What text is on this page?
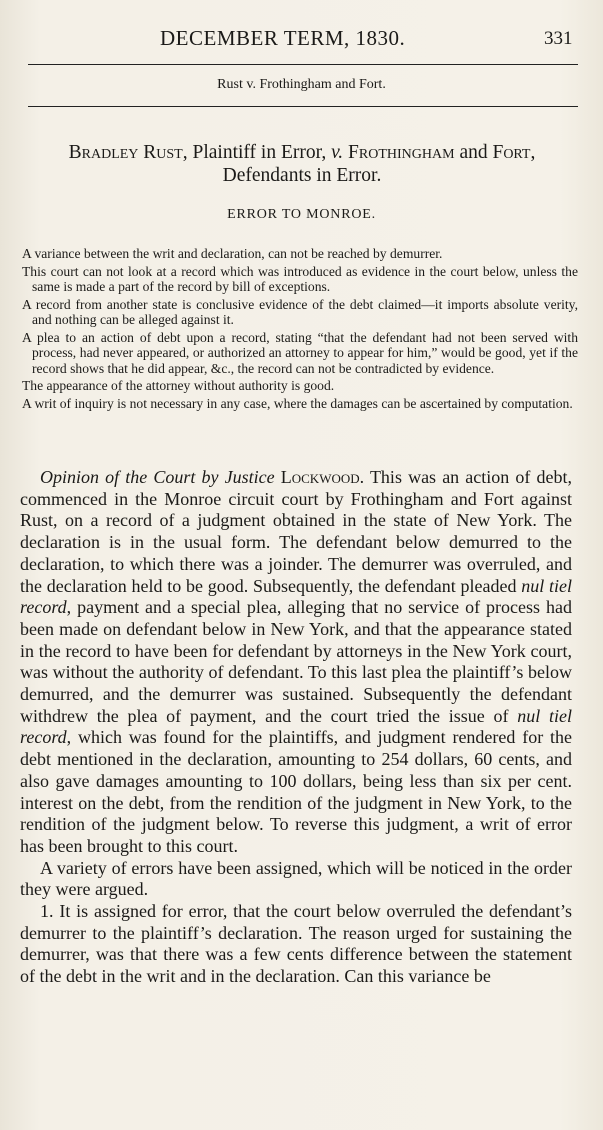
DECEMBER TERM, 1830.	331
Rust v. Frothingham and Fort.
Bradley Rust, Plaintiff in Error, v. Frothingham and Fort, Defendants in Error.
ERROR TO MONROE.

A variance between the writ and declaration, can not be reached by demurrer.

This court can not look at a record which was introduced as evidence in the court below, unless the same is made a part of the record by bill of exceptions.

A record from another state is conclusive evidence of the debt claimed—it imports absolute verity, and nothing can be alleged against it.

A plea to an action of debt upon a record, stating “that the defendant had not been served with process, had never appeared, or authorized an attorney to appear for him,” would be good, yet if the record shows that he did appear, &c., the record can not be contradicted by evidence.

The appearance of the attorney without authority is good.

A writ of inquiry is not necessary in any case, where the damages can be ascertained by computation.

Opinion of the Court by Justice Lockwood. This was an action of debt, commenced in the Monroe circuit court by Frothingham and Fort against Rust, on a record of a judgment obtained in the state of New York. The declaration is in the usual form. The defendant below demurred to the declaration, to which there was a joinder. The demurrer was overruled, and the declaration held to be good. Subsequently, the defendant pleaded nul tiel record, payment and a special plea, alleging that no service of process had been made on defendant below in New York, and that the appearance stated in the record to have been for defendant by attorneys in the New York court, was without the authority of defendant. To this last plea the plaintiff’s below demurred, and the demurrer was sustained. Subsequently the defendant withdrew the plea of payment, and the court tried the issue of nul tiel record, which was found for the plaintiffs, and judgment rendered for the debt mentioned in the declaration, amounting to 254 dollars, 60 cents, and also gave damages amounting to 100 dollars, being less than six per cent. interest on the debt, from the rendition of the judgment in New York, to the rendition of the judgment below. To reverse this judgment, a writ of error has been brought to this court.

A variety of errors have been assigned, which will be noticed in the order they were argued.

1. It is assigned for error, that the court below overruled the defendant’s demurrer to the plaintiff’s declaration. The reason urged for sustaining the demurrer, was that there was a few cents difference between the statement of the debt in the writ and in the declaration. Can this variance be
